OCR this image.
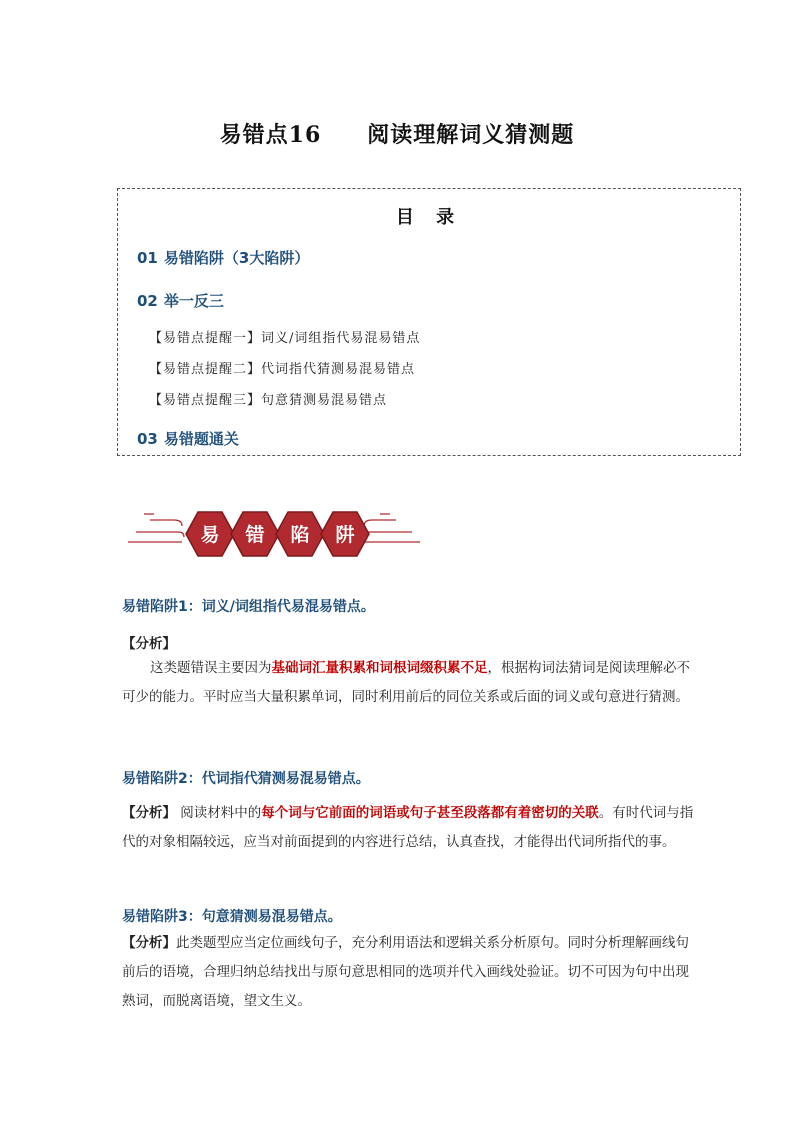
易错点16 阅读理解词义猜测题
目 录
01 易错陷阱（3大陷阱）
02 举一反三
【易错点提醒一】词义/词组指代易混易错点
【易错点提醒二】代词指代猜测易混易错点
【易错点提醒三】句意猜测易混易错点
03 易错题通关
易 错 陷 阱
易错陷阱1：词义/词组指代易混易错点。
【分析】
这类题错误主要因为基础词汇量积累和词根词缀积累不足，根据构词法猜词是阅读理解必不可少的能力。平时应当大量积累单词，同时利用前后的同位关系或后面的词义或句意进行猜测。
易错陷阱2：代词指代猜测易混易错点。
【分析】 阅读材料中的每个词与它前面的词语或句子甚至段落都有着密切的关联。有时代词与指代的对象相隔较远，应当对前面提到的内容进行总结，认真查找，才能得出代词所指代的事。
易错陷阱3：句意猜测易混易错点。
【分析】此类题型应当定位画线句子，充分利用语法和逻辑关系分析原句。同时分析理解画线句前后的语境，合理归纳总结找出与原句意思相同的选项并代入画线处验证。切不可因为句中出现熟词，而脱离语境，望文生义。
